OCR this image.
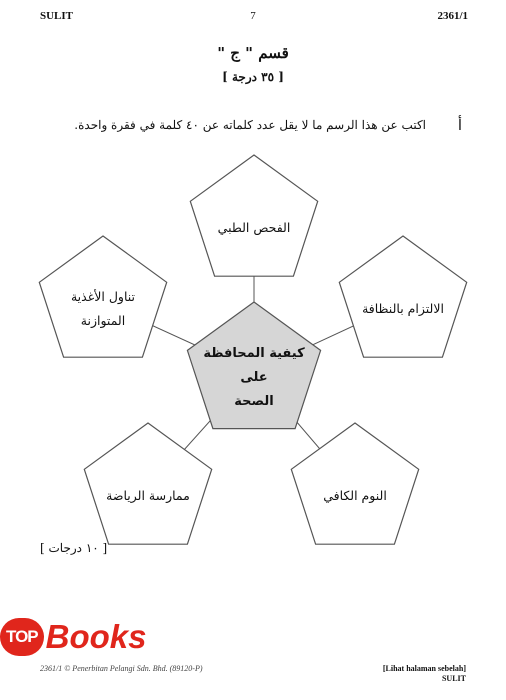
SULIT	7	2361/1
قسم " ج "
[ ٣٥ درجة ]
أ
اكتب عن هذا الرسم ما لا يقل عدد كلماته عن ٤٠ كلمة في فقرة واحدة.
كيفية المحافظة على
الصحة
الفحص الطبي
تناول الأغذية
المتوازنة
الالتزام بالنظافة
ممارسة الرياضة	النوم الكافي
[ ١٠ درجات ]
2361/1 © Penerbitan Pelangi Sdn. Bhd. (89120-P)	[Lihat halaman sebelah]
SULIT
TOP Books
